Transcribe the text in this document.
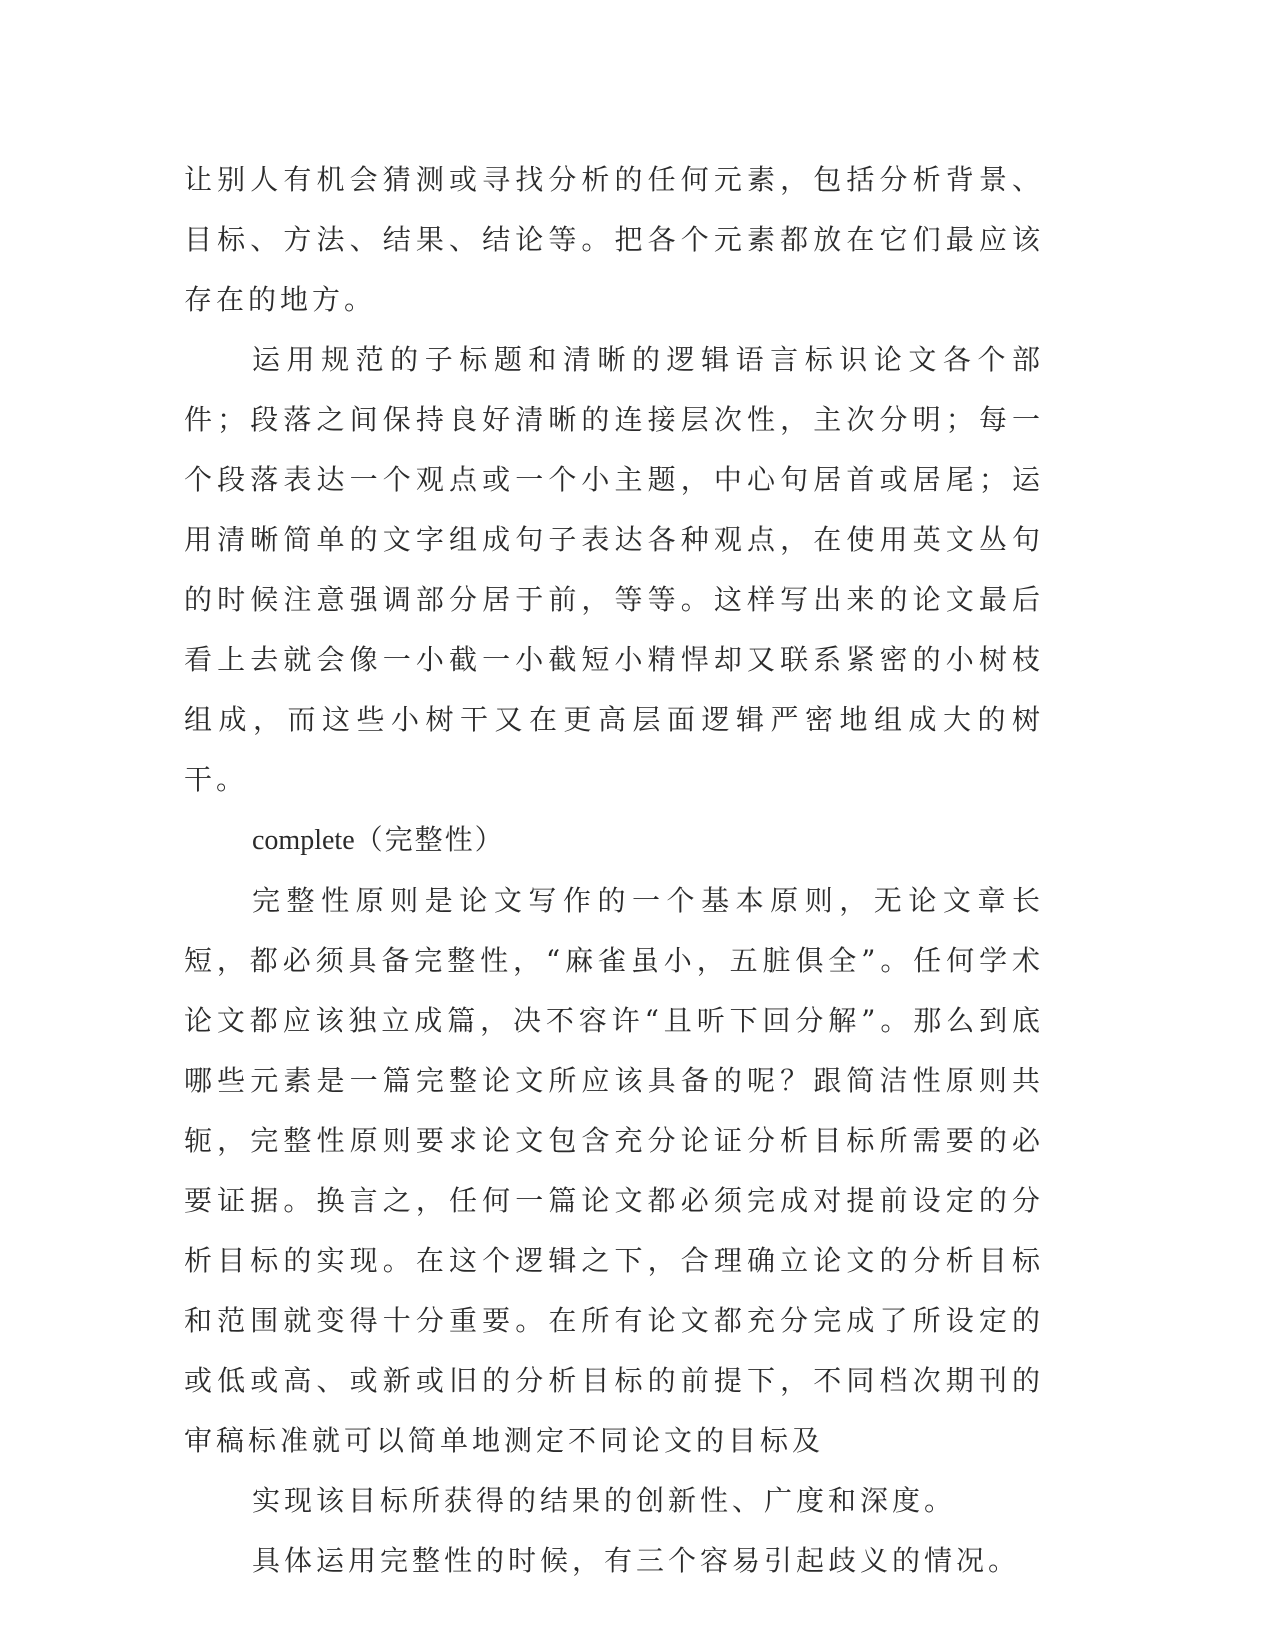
让别人有机会猜测或寻找分析的任何元素，包括分析背景、目标、方法、结果、结论等。把各个元素都放在它们最应该存在的地方。

运用规范的子标题和清晰的逻辑语言标识论文各个部件；段落之间保持良好清晰的连接层次性，主次分明；每一个段落表达一个观点或一个小主题，中心句居首或居尾；运用清晰简单的文字组成句子表达各种观点，在使用英文丛句的时候注意强调部分居于前，等等。这样写出来的论文最后看上去就会像一小截一小截短小精悍却又联系紧密的小树枝组成，而这些小树干又在更高层面逻辑严密地组成大的树干。

complete（完整性）

完整性原则是论文写作的一个基本原则，无论文章长短，都必须具备完整性，“麻雀虽小，五脏俱全”。任何学术论文都应该独立成篇，决不容许“且听下回分解”。那么到底哪些元素是一篇完整论文所应该具备的呢？跟简洁性原则共轭，完整性原则要求论文包含充分论证分析目标所需要的必要证据。换言之，任何一篇论文都必须完成对提前设定的分析目标的实现。在这个逻辑之下，合理确立论文的分析目标和范围就变得十分重要。在所有论文都充分完成了所设定的或低或高、或新或旧的分析目标的前提下，不同档次期刊的审稿标准就可以简单地测定不同论文的目标及

实现该目标所获得的结果的创新性、广度和深度。

具体运用完整性的时候，有三个容易引起歧义的情况。
